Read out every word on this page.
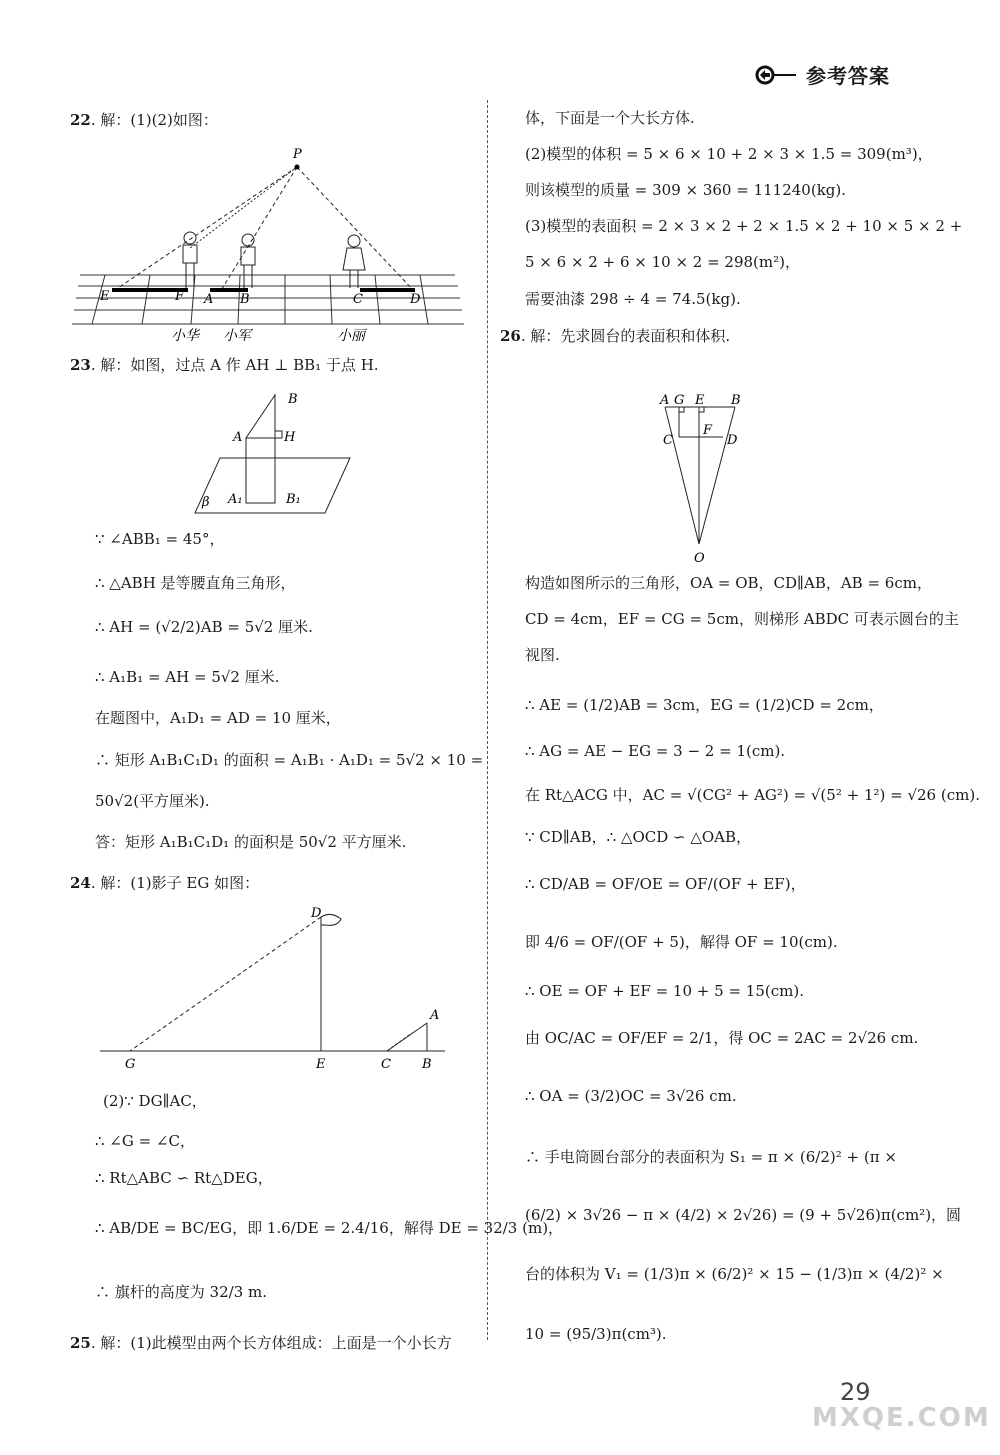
参考答案
22. 解：(1)(2)如图：
P
E	F A B	C	D
小华 小军	小丽
23. 解：如图，过点 A 作 AH ⊥ BB₁ 于点 H.
B
A	H
β A₁	B₁
∵ ∠ABB₁ = 45°，
∴ △ABH 是等腰直角三角形，
∴ AH = (√2/2)AB = 5√2 厘米.
∴ A₁B₁ = AH = 5√2 厘米.
在题图中，A₁D₁ = AD = 10 厘米，
∴ 矩形 A₁B₁C₁D₁ 的面积 = A₁B₁ · A₁D₁ = 5√2 × 10 =
50√2(平方厘米).
答：矩形 A₁B₁C₁D₁ 的面积是 50√2 平方厘米.
24. 解：(1)影子 EG 如图：
D
G	E	C B
A
(2)∵ DG∥AC，
∴ ∠G = ∠C，
∴ Rt△ABC ∽ Rt△DEG，
∴ AB/DE = BC/EG，即 1.6/DE = 2.4/16，解得 DE = 32/3 (m)，
∴ 旗杆的高度为 32/3 m.
25. 解：(1)此模型由两个长方体组成：上面是一个小长方
体，下面是一个大长方体.
(2)模型的体积 = 5 × 6 × 10 + 2 × 3 × 1.5 = 309(m³)，
则该模型的质量 = 309 × 360 = 111240(kg).
(3)模型的表面积 = 2 × 3 × 2 + 2 × 1.5 × 2 + 10 × 5 × 2 +
5 × 6 × 2 + 6 × 10 × 2 = 298(m²)，
需要油漆 298 ÷ 4 = 74.5(kg).
26. 解：先求圆台的表面积和体积.
A G E B
C
F
D
O
构造如图所示的三角形，OA = OB，CD∥AB，AB = 6cm，
CD = 4cm，EF = CG = 5cm，则梯形 ABDC 可表示圆台的主
视图.
∴ AE = (1/2)AB = 3cm，EG = (1/2)CD = 2cm，
∴ AG = AE − EG = 3 − 2 = 1(cm).
在 Rt△ACG 中，AC = √(CG² + AG²) = √(5² + 1²) = √26 (cm).
∵ CD∥AB，∴ △OCD ∽ △OAB，
∴ CD/AB = OF/OE = OF/(OF + EF)，
即 4/6 = OF/(OF + 5)，解得 OF = 10(cm).
∴ OE = OF + EF = 10 + 5 = 15(cm).
由 OC/AC = OF/EF = 2/1，得 OC = 2AC = 2√26 cm.
∴ OA = (3/2)OC = 3√26 cm.
∴ 手电筒圆台部分的表面积为 S₁ = π × (6/2)² + (π ×
(6/2) × 3√26 − π × (4/2) × 2√26) = (9 + 5√26)π(cm²)，圆
台的体积为 V₁ = (1/3)π × (6/2)² × 15 − (1/3)π × (4/2)² ×
10 = (95/3)π(cm³).
29
MXQE.COM
